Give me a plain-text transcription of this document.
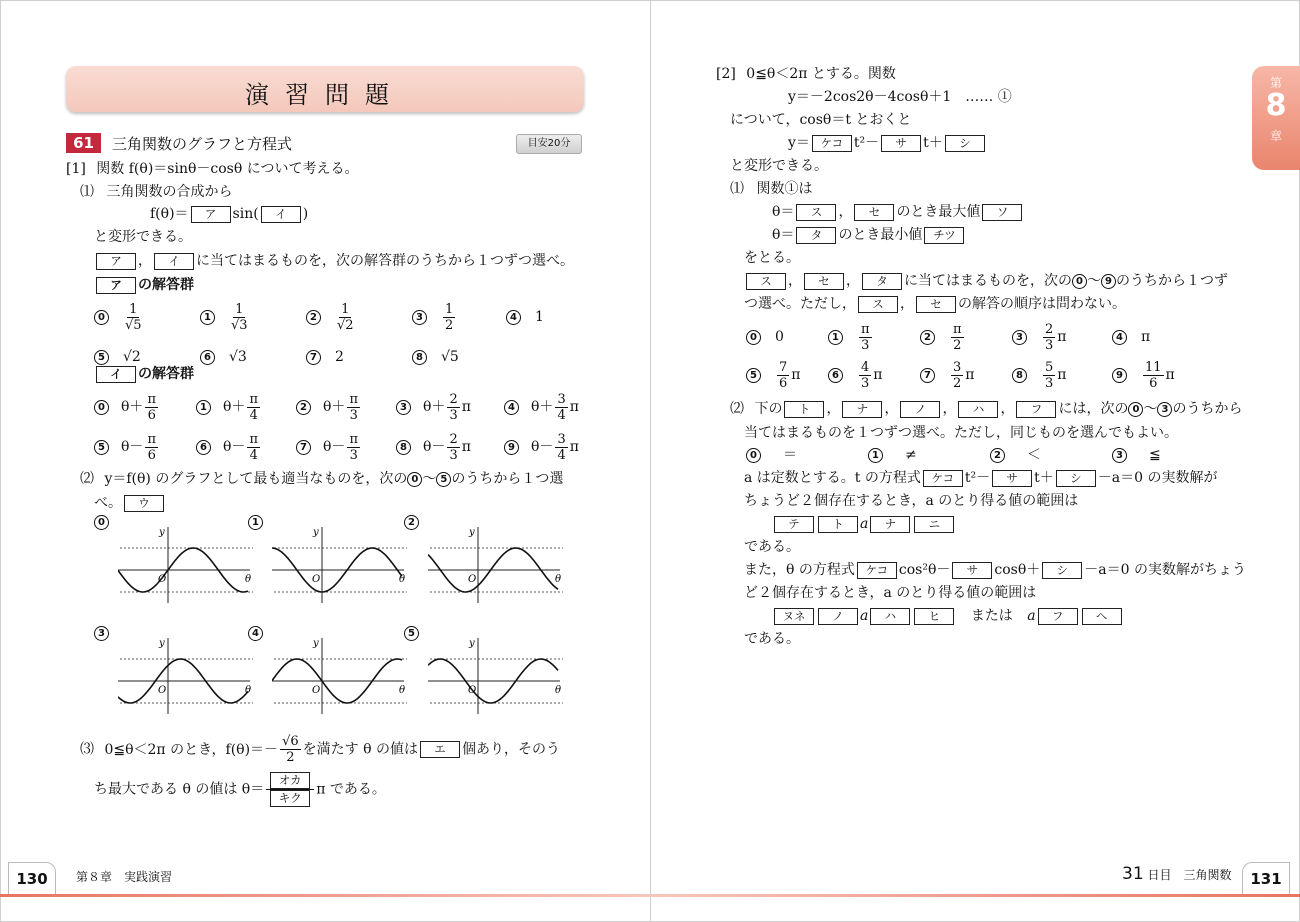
演習問題
61	三角関数のグラフと方程式	目安20分
[1] 関数 f(θ)＝sinθ－cosθ について考える。
⑴ 三角関数の合成から
f(θ)＝ ア sin( イ )
と変形できる。
ア ， イ に当てはまるものを，次の解答群のうちから１つずつ選べ。
ア の解答群
0	$\frac{1}{√5}$	1	$\frac{1}{√3}$	2	$\frac{1}{√2}$	3	$\frac{1}{2}$	4 1
5 √2	6 √3	7 2	8 √5
イ の解答群
0 $\theta+ \frac{\pi}{6}$	1 $\theta+ \frac{\pi}{4}$	2 $\theta+ \frac{\pi}{3}$	3 $\theta+ \frac{2}{3}$ π	4 $\theta+ \frac{3}{4}$ π
5 $\theta- \frac{\pi}{6}$	6 $\theta- \frac{\pi}{4}$	7 $\theta- \frac{\pi}{3}$	8 $\theta- \frac{2}{3}$ π	9 $\theta- \frac{3}{4}$ π
⑵ y＝f(θ) のグラフとして最も適当なものを，次の 0 ～ 5 のうちから１つ選
べ。 ウ
0
y
O	θ
1
y
O	θ
2
y
O	θ
3
y
O	θ
4
y
O	θ
5
y
O	θ
⑶ 0≦θ＜2π のとき，$f(\theta)=- \frac{√6}{2}$ を満たす θ の値は エ 個あり，そのう
ち最大である θ の値は θ＝
オカ
キク
π である。
第
8
章
[2] 0≦θ＜2π とする。関数
y＝－2cos2θ－4cosθ＋1　…… ①
について，cosθ＝t とおくと
y＝ ケコ t²－ サ t＋ シ
と変形できる。
⑴ 関数①は
θ＝ ス ， セ のとき最大値 ソ
θ＝ タ のとき最小値 チツ
をとる。
ス ， セ ， タ に当てはまるものを，次の 0 ～ 9 のうちから１つず
つ選べ。ただし， ス ， セ の解答の順序は問わない。
0 0	1	$\frac{\pi}{3}$	2	$\frac{\pi}{2}$	3	$\frac{2}{3}$ π	4 π
5	$\frac{7}{6}$ π	6	$\frac{4}{3}$ π	7	$\frac{3}{2}$ π	8	$\frac{5}{3}$ π	9	$\frac{11}{6}$ π
⑵ 下の ト ， ナ ， ノ ， ハ ， フ には，次の 0 ～ 3 のうちから
当てはまるものを１つずつ選べ。ただし，同じものを選んでもよい。
0 ＝	1 ≠	2 ＜	3 ≦
a は定数とする。t の方程式 ケコ t²－ サ t＋ シ －a＝0 の実数解が
ちょうど２個存在するとき，a のとり得る値の範囲は
テ	ト a ナ	ニ
である。
また，θ の方程式 ケコ cos²θ－ サ cosθ＋ シ －a＝0 の実数解がちょう
ど２個存在するとき，a のとり得る値の範囲は
ヌネ ノ a ハ	ヒ または a フ	ヘ
である。
130	第８章　実践演習	31 日目　三角関数	131
